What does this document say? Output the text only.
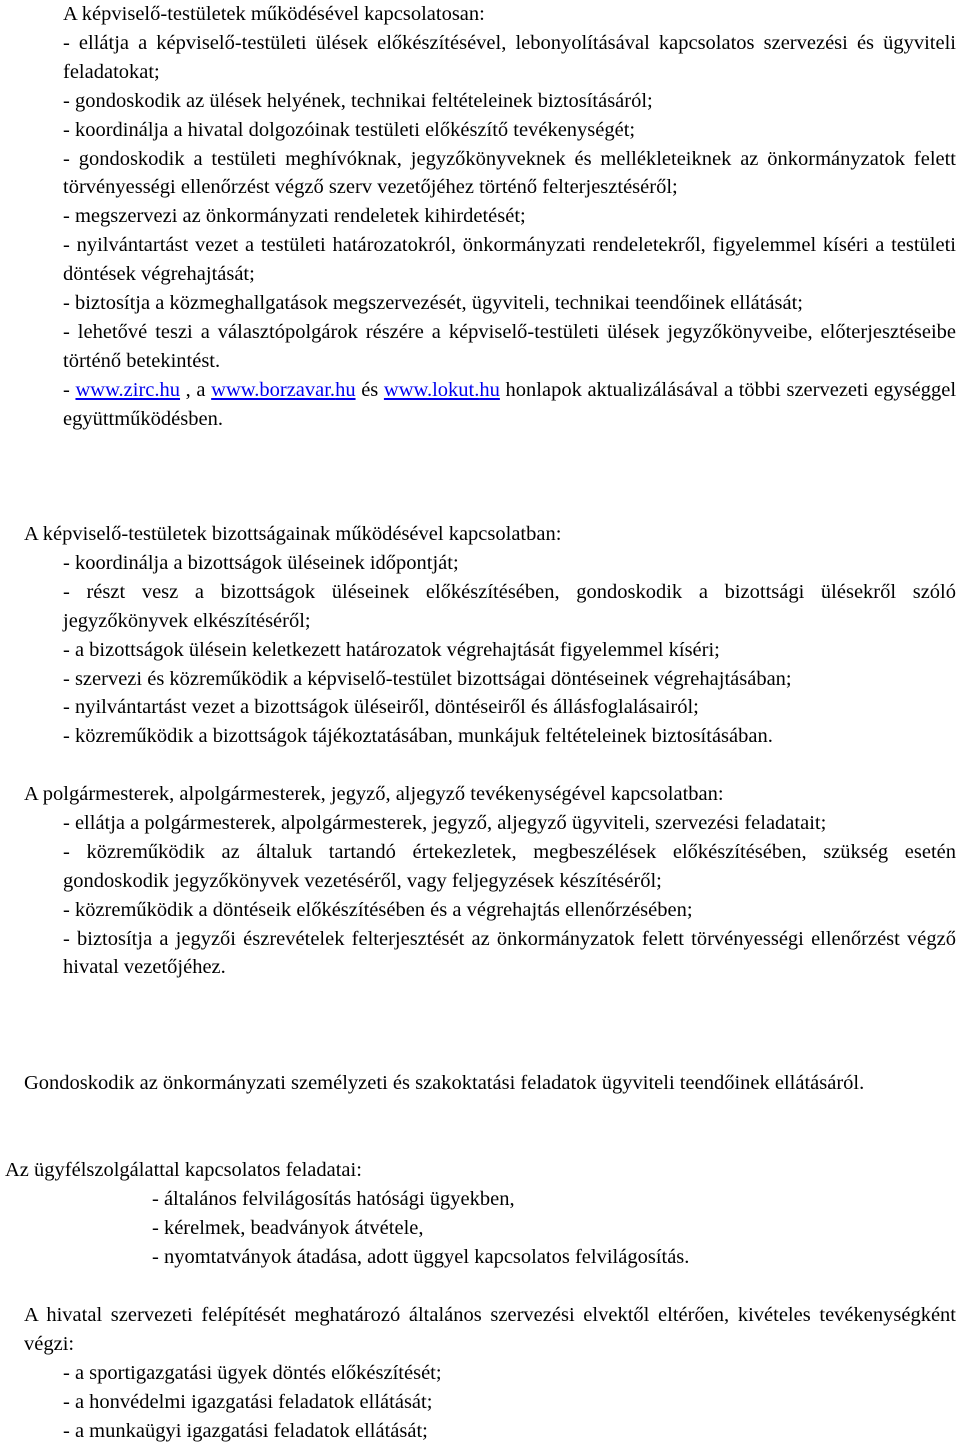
A képviselő-testületek működésével kapcsolatosan:
- ellátja a képviselő-testületi ülések előkészítésével, lebonyolításával kapcsolatos szervezési és ügyviteli feladatokat;
- gondoskodik az ülések helyének, technikai feltételeinek biztosításáról;
- koordinálja a hivatal dolgozóinak testületi előkészítő tevékenységét;
- gondoskodik a testületi meghívóknak, jegyzőkönyveknek és mellékleteiknek az önkormányzatok felett törvényességi ellenőrzést végző szerv vezetőjéhez történő felterjesztéséről;
- megszervezi az önkormányzati rendeletek kihirdetését;
- nyilvántartást vezet a testületi határozatokról, önkormányzati rendeletekről, figyelemmel kíséri a testületi döntések végrehajtását;
- biztosítja a közmeghallgatások megszervezését, ügyviteli, technikai teendőinek ellátását;
- lehetővé teszi a választópolgárok részére a képviselő-testületi ülések jegyzőkönyveibe, előterjesztéseibe történő betekintést.
- www.zirc.hu , a www.borzavar.hu és www.lokut.hu honlapok aktualizálásával a többi szervezeti egységgel együttműködésben.
A képviselő-testületek bizottságainak működésével kapcsolatban:
- koordinálja a bizottságok üléseinek időpontját;
- részt vesz a bizottságok üléseinek előkészítésében, gondoskodik a bizottsági ülésekről szóló jegyzőkönyvek elkészítéséről;
- a bizottságok ülésein keletkezett határozatok végrehajtását figyelemmel kíséri;
- szervezi és közreműködik a képviselő-testület bizottságai döntéseinek végrehajtásában;
- nyilvántartást vezet a bizottságok üléseiről, döntéseiről és állásfoglalásairól;
- közreműködik a bizottságok tájékoztatásában, munkájuk feltételeinek biztosításában.
A polgármesterek, alpolgármesterek, jegyző, aljegyző tevékenységével kapcsolatban:
- ellátja a polgármesterek, alpolgármesterek, jegyző, aljegyző ügyviteli, szervezési feladatait;
- közreműködik az általuk tartandó értekezletek, megbeszélések előkészítésében, szükség esetén gondoskodik jegyzőkönyvek vezetéséről, vagy feljegyzések készítéséről;
- közreműködik a döntéseik előkészítésében és a végrehajtás ellenőrzésében;
- biztosítja a jegyzői észrevételek felterjesztését az önkormányzatok felett törvényességi ellenőrzést végző hivatal vezetőjéhez.
Gondoskodik az önkormányzati személyzeti és szakoktatási feladatok ügyviteli teendőinek ellátásáról.
Az ügyfélszolgálattal kapcsolatos feladatai:
- általános felvilágosítás hatósági ügyekben,
- kérelmek, beadványok átvétele,
- nyomtatványok átadása, adott üggyel kapcsolatos felvilágosítás.
A hivatal szervezeti felépítését meghatározó általános szervezési elvektől eltérően, kivételes tevékenységként végzi:
- a sportigazgatási ügyek döntés előkészítését;
- a honvédelmi igazgatási feladatok ellátását;
- a munkaügyi igazgatási feladatok ellátását;
